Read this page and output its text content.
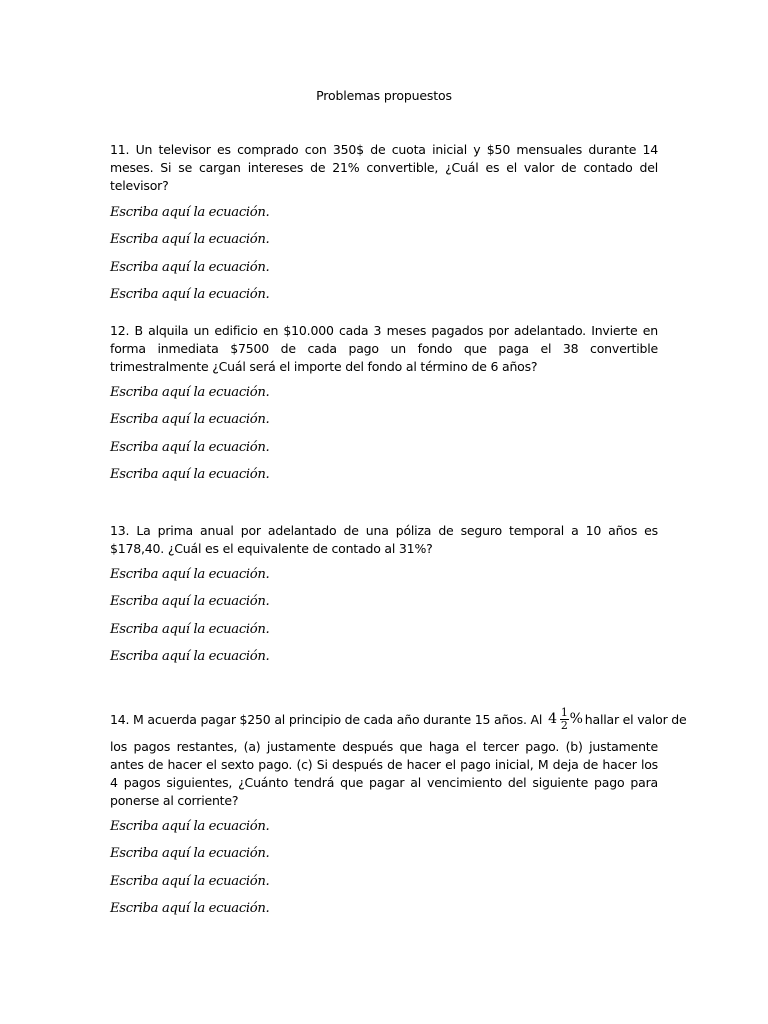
Problemas propuestos

11. Un televisor es comprado con 350$ de cuota inicial y $50 mensuales durante 14 meses. Si se cargan intereses de 21% convertible, ¿Cuál es el valor de contado del televisor?

Escriba aquí la ecuación.
Escriba aquí la ecuación.
Escriba aquí la ecuación.
Escriba aquí la ecuación.

12. B alquila un edificio en $10.000 cada 3 meses pagados por adelantado. Invierte en forma inmediata $7500 de cada pago un fondo que paga el 38 convertible trimestralmente ¿Cuál será el importe del fondo al término de 6 años?

Escriba aquí la ecuación.
Escriba aquí la ecuación.
Escriba aquí la ecuación.
Escriba aquí la ecuación.

13. La prima anual por adelantado de una póliza de seguro temporal a 10 años es $178,40. ¿Cuál es el equivalente de contado al 31%?

Escriba aquí la ecuación.
Escriba aquí la ecuación.
Escriba aquí la ecuación.
Escriba aquí la ecuación.
14. M acuerda pagar $250 al principio de cada año durante 15 años. Al $4 \frac{1}{2}$ % hallar el valor de

los pagos restantes, (a) justamente después que haga el tercer pago. (b) justamente antes de hacer el sexto pago. (c) Si después de hacer el pago inicial, M deja de hacer los 4 pagos siguientes, ¿Cuánto tendrá que pagar al vencimiento del siguiente pago para ponerse al corriente?

Escriba aquí la ecuación.
Escriba aquí la ecuación.
Escriba aquí la ecuación.
Escriba aquí la ecuación.
